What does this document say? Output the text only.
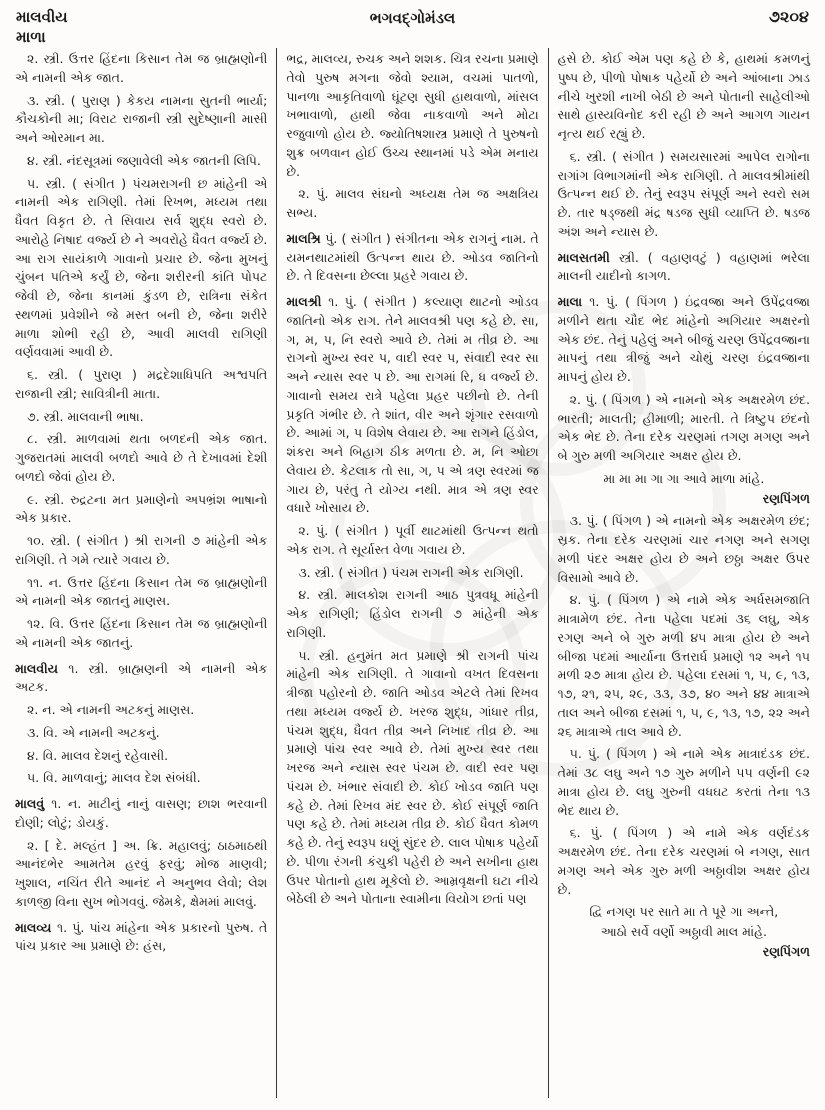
માલવીય
માળા
ભગવદ્ગોમંડલ	૭૨૦૪

૨. સ્ત્રી. ઉત્તર હિંદના કિસાન તેમ જ બ્રાહ્મણોની એ નામની એક જાત.

૩. સ્ત્રી. ( પુરાણ ) કેકય નામના સુતની ભાર્યા; કૌચકોની મા; વિરાટ રાજાની સ્ત્રી સુદેષ્ણાની માસી અને ઓરમાન મા.

૪. સ્ત્રી. નંદસૂત્રમાં જણાવેલી એક જાતની લિપિ.

૫. સ્ત્રી. ( સંગીત ) પંચમરાગની છ માંહેની એ નામની એક રાગિણી. તેમાં રિખભ, મધ્યમ તથા ધૈવત વિકૃત છે. તે સિવાય સર્વ શુદ્ધ સ્વરો છે. આરોહે નિષાદ વર્જ્ય છે ને અવરોહે ધૈવત વર્જ્ય છે. આ રાગ સાયંકાળે ગાવાનો પ્રચાર છે. જેના મુખનું ચુંબન પતિએ કર્યું છે, જેના શરીરની કાંતિ પોપટ જેવી છે, જેના કાનમાં કુંડળ છે, રાત્રિના સંકેત સ્થળમાં પ્રવેશીને જે મસ્ત બની છે, જેના શરીરે માળા શોભી રહી છે, આવી માલવી રાગિણી વર્ણવવામાં આવી છે.

૬. સ્ત્રી. ( પુરાણ ) મદ્રદેશાધિપતિ અશ્વપતિ રાજાની સ્ત્રી; સાવિત્રીની માતા.

૭. સ્ત્રી. માલવાની ભાષા.

૮. સ્ત્રી. માળવામાં થતા બળદની એક જાત. ગુજરાતમાં માલવી બળદો આવે છે તે દેખાવમાં દેશી બળદો જેવાં હોય છે.

૯. સ્ત્રી. રુદ્રટના મત પ્રમાણેનો અપભ્રંશ ભાષાનો એક પ્રકાર.

૧૦. સ્ત્રી. ( સંગીત ) શ્રી રાગની ૭ માંહેની એક રાગિણી. તે ગમે ત્યારે ગવાય છે.

૧૧. ન. ઉત્તર હિંદના કિસાન તેમ જ બ્રાહ્મણોની એ નામની એક જાતનું માણસ.

૧૨. વિ. ઉત્તર હિંદના કિસાન તેમ જ બ્રાહ્મણોની એ નામની એક જાતનું.

માલવીય ૧. સ્ત્રી. બ્રાહ્મણની એ નામની એક અટક.

૨. ન. એ નામની અટકનું માણસ.

૩. વિ. એ નામની અટકનું.

૪. વિ. માલવ દેશનું રહેવાસી.

૫. વિ. માળવાનું; માલવ દેશ સંબંધી.

માલવું ૧. ન. માટીનું નાનું વાસણ; છાશ ભરવાની દોણી; લોટું; ડોયકું.

૨. [ દે. મલ્હંત ] અ. ક્રિ. મહાલવું; ઠાઠમાઠથી આનંદભેર આમતેમ હરવું ફરવું; મોજ માણવી; ખુશાલ, નચિંત રીતે આનંદ ને અનુભવ લેવો; લેશ કાળજી વિના સુખ ભોગવવું. જેમકે, ક્ષેમમાં માલવું.

માલવ્ય ૧. પું. પાંચ માંહેના એક પ્રકારનો પુરુષ. તે પાંચ પ્રકાર આ પ્રમાણે છે: હંસ,

ભદ્ર, માલવ્ય, રુચક અને શશક. ચિત્ર રચના પ્રમાણે તેવો પુરુષ મગના જેવો શ્યામ, વચમાં પાતળો, પાનળા આકૃતિવાળો ઘૂંટણ સુધી હાથવાળો, માંસલ ખભાવાળો, હાથી જેવા નાકવાળો અને મોટા રજુવાળો હોય છે. જ્યોતિષશાસ્ત્ર પ્રમાણે તે પુરુષનો શુક્ર બળવાન હોઈ ઉચ્ચ સ્થાનમાં પડે એમ મનાય છે.

૨. પું. માલવ સંઘનો અધ્યક્ષ તેમ જ અક્ષત્રિય સભ્ય.

માલશ્રિ પું. ( સંગીત ) સંગીતના એક રાગનું નામ. તે યમનથાટમાંથી ઉત્પન્ન થાય છે. ઓડવ જાતિનો છે. તે દિવસના છેલ્લા પ્રહરે ગવાય છે.

માલશ્રી ૧. પું. ( સંગીત ) કલ્યાણ થાટનો ઓડવ જાતિનો એક રાગ. તેને માલવશ્રી પણ કહે છે. સા, ગ, મ, પ, નિ સ્વરો આવે છે. તેમાં મ તીવ્ર છે. આ રાગનો મુખ્ય સ્વર પ, વાદી સ્વર પ, સંવાદી સ્વર સા અને ન્યાસ સ્વર પ છે. આ રાગમાં રિ, ધ વર્જ્ય છે. ગાવાનો સમય રાત્રે પહેલા પ્રહર પછીનો છે. તેની પ્રકૃતિ ગંભીર છે. તે શાંત, વીર અને શૃંગાર રસવાળો છે. આમાં ગ, પ વિશેષ લેવાય છે. આ રાગને હિંડોલ, શંકરા અને બિહાગ ઠીક મળતા છે. મ, નિ ઓછા લેવાય છે. કેટલાક તો સા, ગ, પ એ ત્રણ સ્વરમાં જ ગાય છે, પરંતુ તે યોગ્ય નથી. માત્ર એ ત્રણ સ્વર વધારે ખોસાય છે.

૨. પું. ( સંગીત ) પૂર્વી થાટમાંથી ઉત્પન્ન થતો એક રાગ. તે સૂર્યાસ્ત વેળા ગવાય છે.

૩. સ્ત્રી. ( સંગીત ) પંચમ રાગની એક રાગિણી.

૪. સ્ત્રી. માલકોશ રાગની આઠ પુત્રવધૂ માંહેની એક રાગિણી; હિંડોલ રાગની ૭ માંહેની એક રાગિણી.

૫. સ્ત્રી. હનુમંત મત પ્રમાણે શ્રી રાગની પાંચ માંહેની એક રાગિણી. તે ગાવાનો વખત દિવસના ત્રીજા પહોરનો છે. જાતિ ઓડવ એટલે તેમાં રિખવ તથા મધ્યમ વર્જ્ય છે. ખરજ શુદ્ધ, ગાંધાર તીવ્ર, પંચમ શુદ્ધ, ધૈવત તીવ્ર અને નિખાદ તીવ્ર છે. આ પ્રમાણે પાંચ સ્વર આવે છે. તેમાં મુખ્ય સ્વર તથા ખરજ અને ન્યાસ સ્વર પંચમ છે. વાદી સ્વર પણ પંચમ છે. ખંભાર સંવાદી છે. કોઈ ખોડવ જાતિ પણ કહે છે. તેમાં રિખવ મંદ સ્વર છે. કોઈ સંપૂર્ણ જાતિ પણ કહે છે. તેમાં મધ્યમ તીવ્ર છે. કોઈ ધૈવત કોમળ કહે છે. તેનું સ્વરૂપ ઘણું સુંદર છે. લાલ પોષાક પહેર્યો છે. પીળા રંગની કંચુકી પહેરી છે અને સખીના હાથ ઉપર પોતાનો હાથ મૂકેલો છે. આમ્રવૃક્ષની ઘટા નીચે બેઠેલી છે અને પોતાના સ્વામીના વિયોગ છતાં પણ

હસે છે. કોઈ એમ પણ કહે છે કે, હાથમાં કમળનું પુષ્પ છે, પીળો પોષાક પહેર્યો છે અને આંબાના ઝાડ નીચે ખુરશી નાખી બેઠી છે અને પોતાની સાહેલીઓ સાથે હાસ્યવિનોદ કરી રહી છે અને આગળ ગાયન નૃત્ય થઈ રહ્યું છે.

૬. સ્ત્રી. ( સંગીત ) સમયસારમાં આપેલ રાગોના રાગાંગ વિભાગમાંની એક રાગિણી. તે માલવશ્રીમાંથી ઉત્પન્ન થઈ છે. તેનું સ્વરૂપ સંપૂર્ણ અને સ્વરો સમ છે. તાર ષડ્જથી મંદ્ર ષડજ સુધી વ્યાપ્તિ છે. ષડજ અંશ અને ન્યાસ છે.

માલસતમી સ્ત્રી. ( વહાણવટું ) વહાણમાં ભરેલા માલની યાદીનો કાગળ.

માલા ૧. પું. ( પિંગળ ) ઇંદ્રવજ્રા અને ઉપેંદ્રવજ્રા મળીને થતા ચૌદ ભેદ માંહેનો અગિયાર અક્ષરનો એક છંદ. તેનું પહેલું અને બીજું ચરણ ઉપેંદ્રવજ્રાના માપનું તથા ત્રીજું અને ચોથું ચરણ ઇંદ્રવજ્રાના માપનું હોય છે.

૨. પું. ( પિંગળ ) એ નામનો એક અક્ષરમેળ છંદ. ભારતી; માલતી; હીમાળી; મારતી. તે ત્રિષ્ટુપ છંદનો એક ભેદ છે. તેના દરેક ચરણમાં તગણ મગણ અને બે ગુરુ મળી અગિયાર અક્ષર હોય છે.

મા મા મા ગા ગા આવે માળા માંહે.

રણપિંગળ

૩. પું. ( પિંગળ ) એ નામનો એક અક્ષરમેળ છંદ; સ્રક. તેના દરેક ચરણમાં ચાર નગણ અને સગણ મળી પંદર અક્ષર હોય છે અને છઠ્ઠા અક્ષર ઉપર વિસામો આવે છે.

૪. પું. ( પિંગળ ) એ નામે એક અર્ધસમજાતિ માત્રામેળ છંદ. તેના પહેલા પદમાં ૩૬ લઘુ, એક રગણ અને બે ગુરુ મળી ૪૫ માત્રા હોય છે અને બીજા પદમાં આર્યાના ઉત્તરાર્ધ પ્રમાણે ૧૨ અને ૧૫ મળી ૨૭ માત્રા હોય છે. પહેલા દસમાં ૧, ૫, ૯, ૧૩, ૧૭, ૨૧, ૨૫, ૨૯, ૩૩, ૩૭, ૪૦ અને ૪૪ માત્રાએ તાલ અને બીજા દસમાં ૧, ૫, ૯, ૧૩, ૧૭, ૨૨ અને ૨૬ માત્રાએ તાલ આવે છે.

૫. પું. ( પિંગળ ) એ નામે એક માત્રાદંડક છંદ. તેમાં ૩૮ લઘુ અને ૧૭ ગુરુ મળીને ૫૫ વર્ણની ૯૨ માત્રા હોય છે. લઘુ ગુરુની વધઘટ કરતાં તેના ૧૩ ભેદ થાય છે.

૬. પું. ( પિંગળ ) એ નામે એક વર્ણદંડક અક્ષરમેળ છંદ. તેના દરેક ચરણમાં બે નગણ, સાત મગણ અને એક ગુરુ મળી અઠ્ઠાવીશ અક્ષર હોય છે.

દ્વિ નગણ પર સાતે મા તે પૂરે ગા અન્તે,

આઠો સર્વે વર્ણો અઠ્ઠાવી માલ માંહે.

રણપિંગળ
